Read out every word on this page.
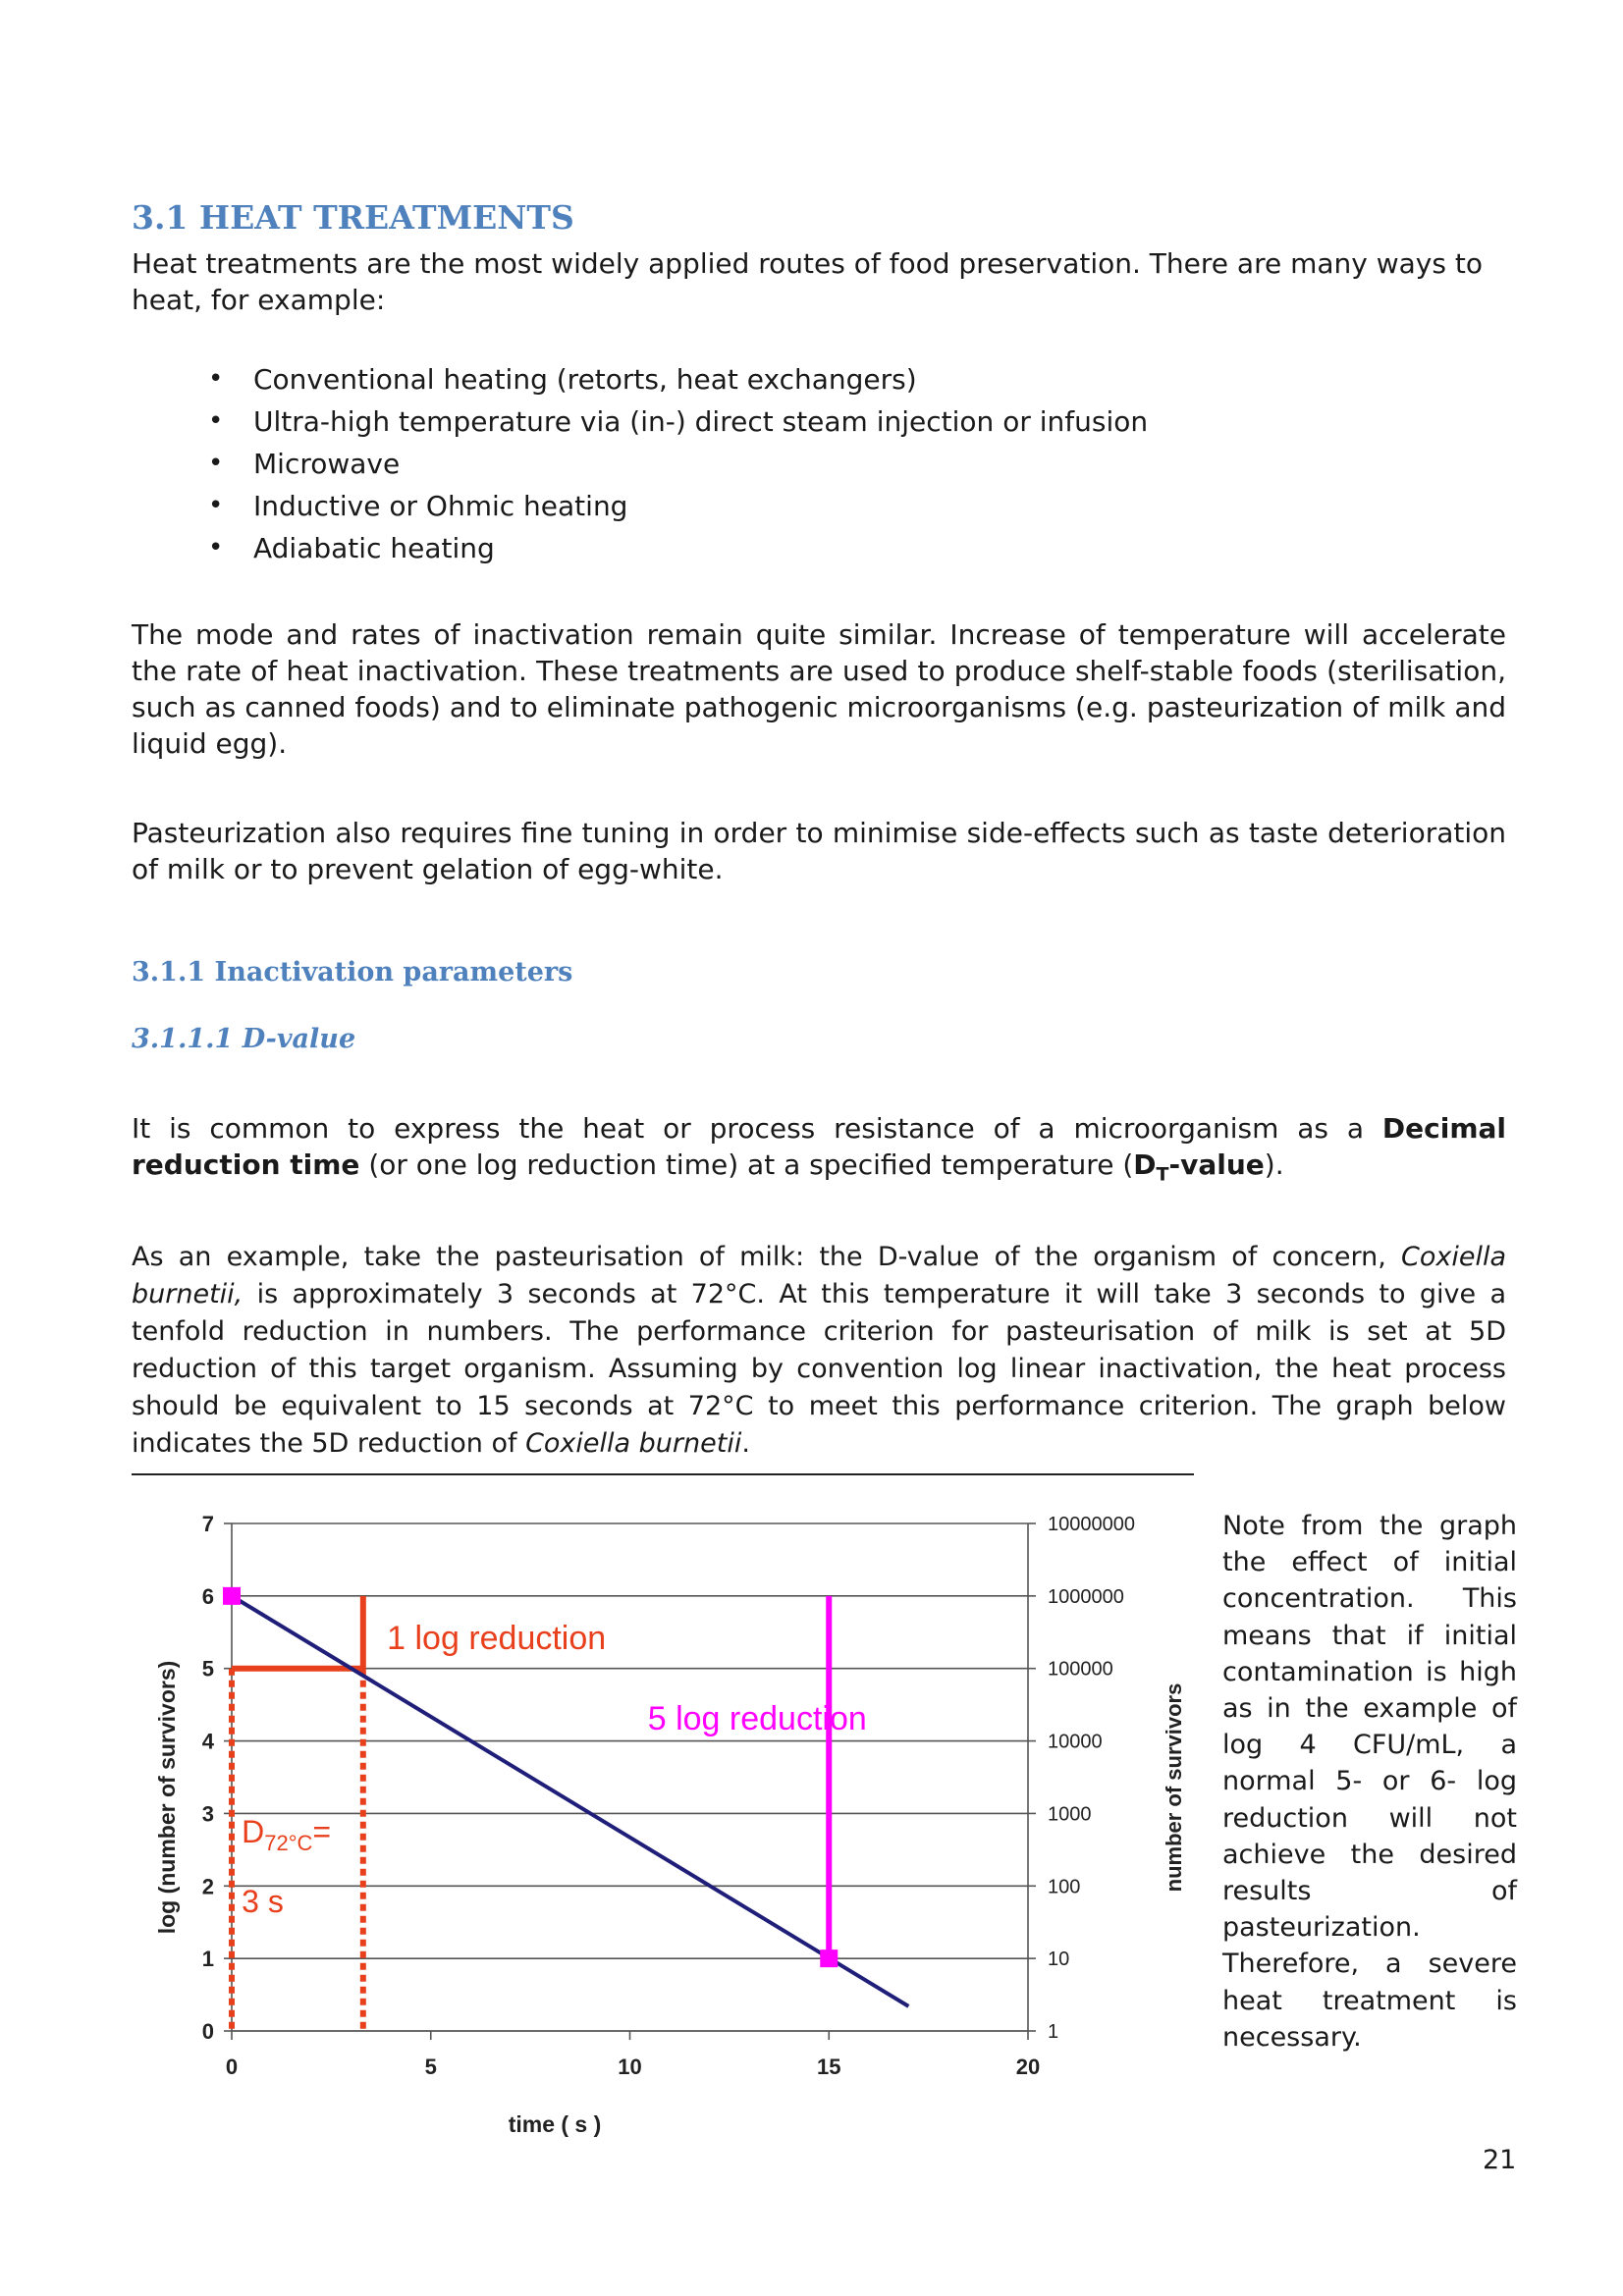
3.1 HEAT TREATMENTS
Heat treatments are the most widely applied routes of food preservation. There are many ways to
heat, for example:
• Conventional heating (retorts, heat exchangers)
• Ultra-high temperature via (in-) direct steam injection or infusion
• Microwave
• Inductive or Ohmic heating
• Adiabatic heating
The mode and rates of inactivation remain quite similar. Increase of temperature will accelerate the rate of heat inactivation. These treatments are used to produce shelf-stable foods (sterilisation, such as canned foods) and to eliminate pathogenic microorganisms (e.g. pasteurization of milk and liquid egg).
Pasteurization also requires fine tuning in order to minimise side-effects such as taste deterioration of milk or to prevent gelation of egg-white.
3.1.1 Inactivation parameters
3.1.1.1 D-value
It is common to express the heat or process resistance of a microorganism as a Decimal reduction time (or one log reduction time) at a specified temperature $(D_T-value)$.
As an example, take the pasteurisation of milk: the D-value of the organism of concern, Coxiella burnetii, is approximately 3 seconds at 72°C. At this temperature it will take 3 seconds to give a tenfold reduction in numbers. The performance criterion for pasteurisation of milk is set at 5D reduction of this target organism. Assuming by convention log linear inactivation, the heat process should be equivalent to 15 seconds at 72°C to meet this performance criterion. The graph below indicates the 5D reduction of Coxiella burnetii.
0	1
1	10
2	100
3	1000
4	10000
5	100000
6	1000000
7	10000000
0	5	10	15	20
1 log reduction
5 log reduction
$D_{72^\circ C}=$
3 s
time ( s )
log (number of survivors)	number of survivors
Note from the graph the effect of initial concentration. This means that if initial contamination is high as in the example of log 4 CFU/mL, a normal 5- or 6- log reduction will not achieve the desired results of pasteurization. Therefore, a severe heat treatment is necessary.
21
